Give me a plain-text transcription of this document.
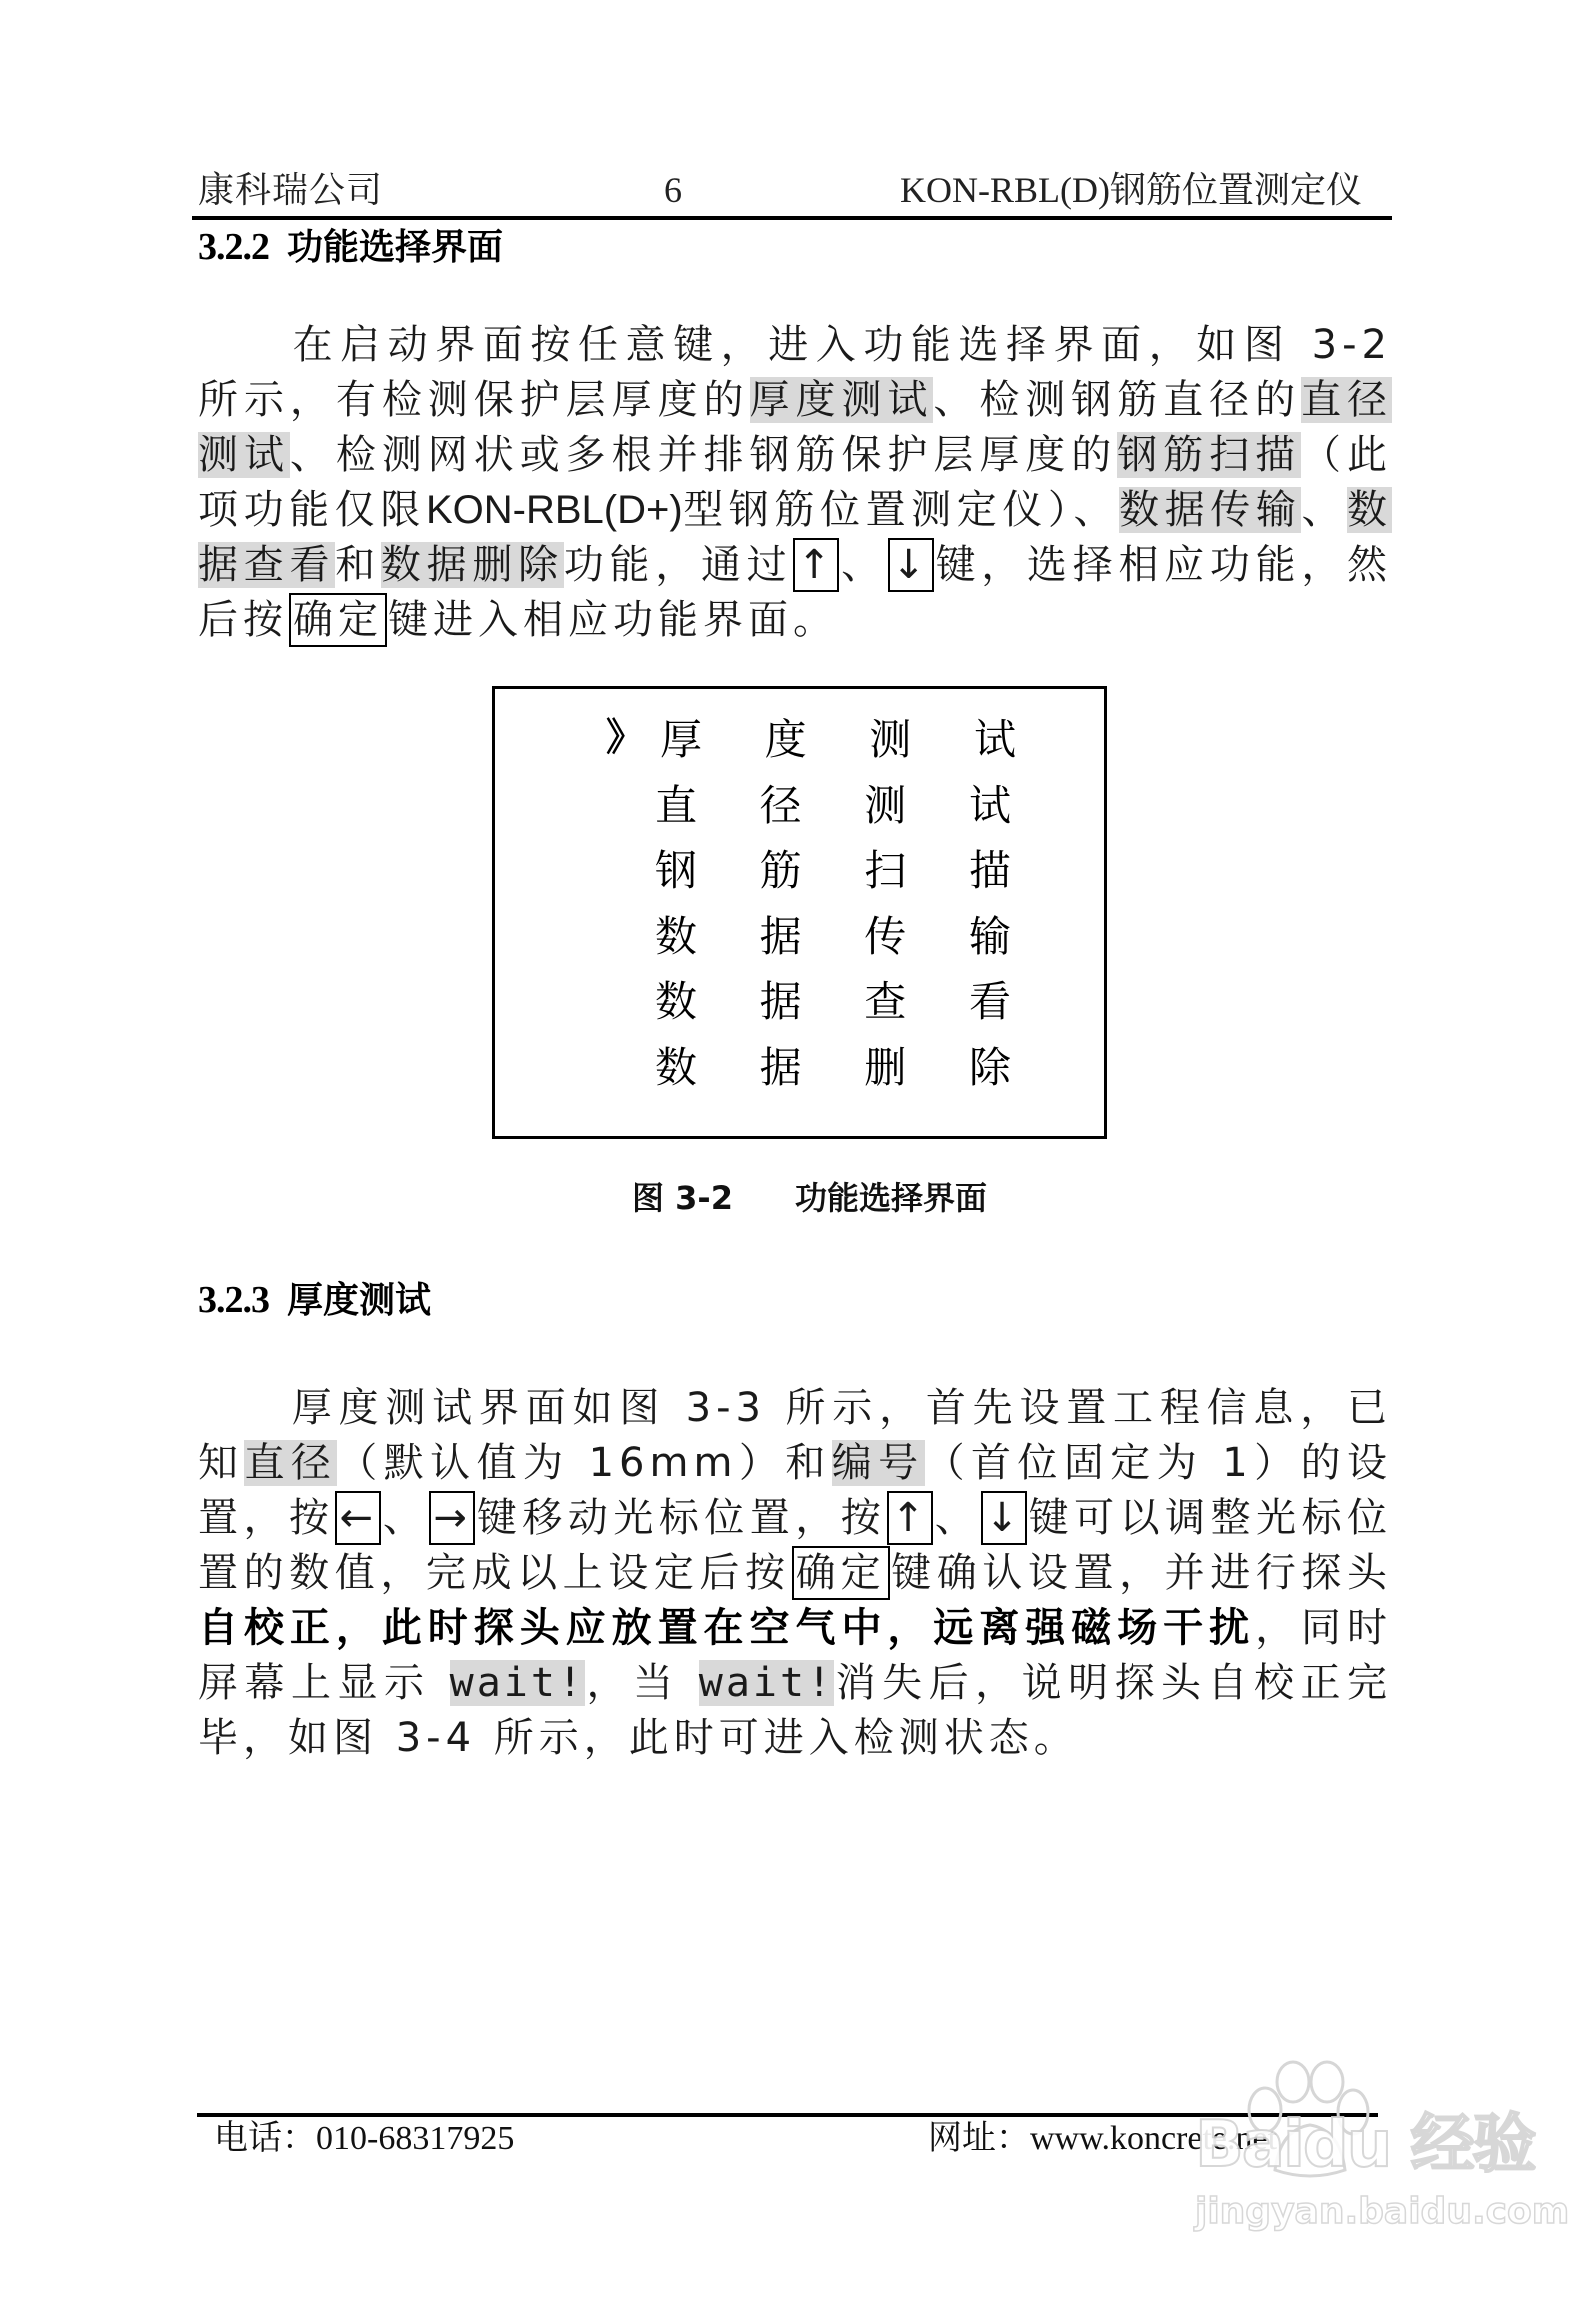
康科瑞公司	6	KON-RBL(D)钢筋位置测定仪
3.2.2 功能选择界面
在启动界面按任意键，进入功能选择界面，如图 3-2 所示，有检测保护层厚度的厚度测试、检测钢筋直径的直径测试、检测网状或多根并排钢筋保护层厚度的钢筋扫描（此项功能仅限KON-RBL(D+)型钢筋位置测定仪）、数据传输、数据查看和数据删除功能，通过 ↑ 、 ↓ 键，选择相应功能，然后按 确定 键进入相应功能界面。
》 厚 度 测 试
直 径 测 试
钢 筋 扫 描
数 据 传 输
数 据 查 看
数 据 删 除
图 3-2 功能选择界面
3.2.3 厚度测试
厚度测试界面如图 3-3 所示，首先设置工程信息，已知直径（默认值为 16mm）和编号（首位固定为 1）的设置，按 ← 、 → 键移动光标位置，按 ↑ 、 ↓ 键可以调整光标位置的数值，完成以上设定后按 确定 键确认设置，并进行探头自校正，此时探头应放置在空气中，远离强磁场干扰，同时屏幕上显示 wait!，当 wait!消失后，说明探头自校正完毕，如图 3-4 所示，此时可进入检测状态。
电话：010-68317925	网址：www.koncrete.net
Baidu 经验
jingyan.baidu.com
